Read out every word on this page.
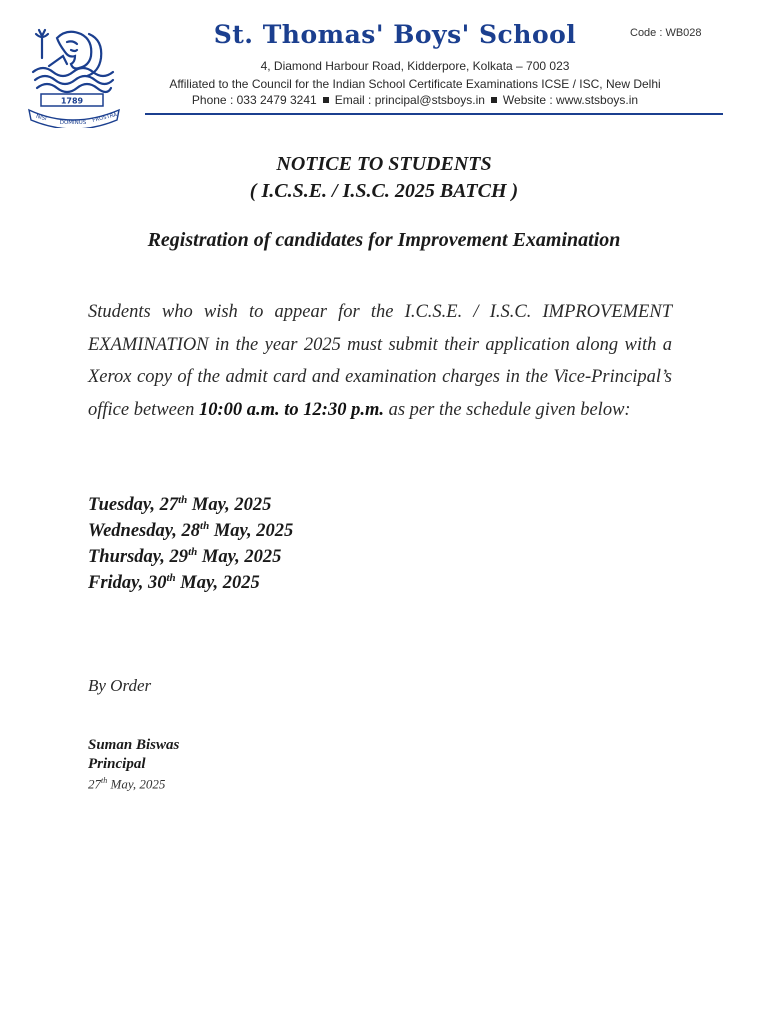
1789
NISI
DOMINUS FRUSTRA
St. Thomas' Boys' School	Code : WB028
4, Diamond Harbour Road, Kidderpore, Kolkata – 700 023
Affiliated to the Council for the Indian School Certificate Examinations ICSE / ISC, New Delhi
Phone : 033 2479 3241 Email : principal@stsboys.in Website : www.stsboys.in
NOTICE TO STUDENTS
( I.C.S.E. / I.S.C. 2025 BATCH )
Registration of candidates for Improvement Examination
Students who wish to appear for the I.C.S.E. / I.S.C. IMPROVEMENT EXAMINATION in the year 2025 must submit their application along with a Xerox copy of the admit card and examination charges in the Vice-Principal’s office between 10:00 a.m. to 12:30 p.m. as per the schedule given below:
Tuesday, 27th May, 2025
Wednesday, 28th May, 2025
Thursday, 29th May, 2025
Friday, 30th May, 2025
By Order
Suman Biswas
Principal
27th May, 2025
